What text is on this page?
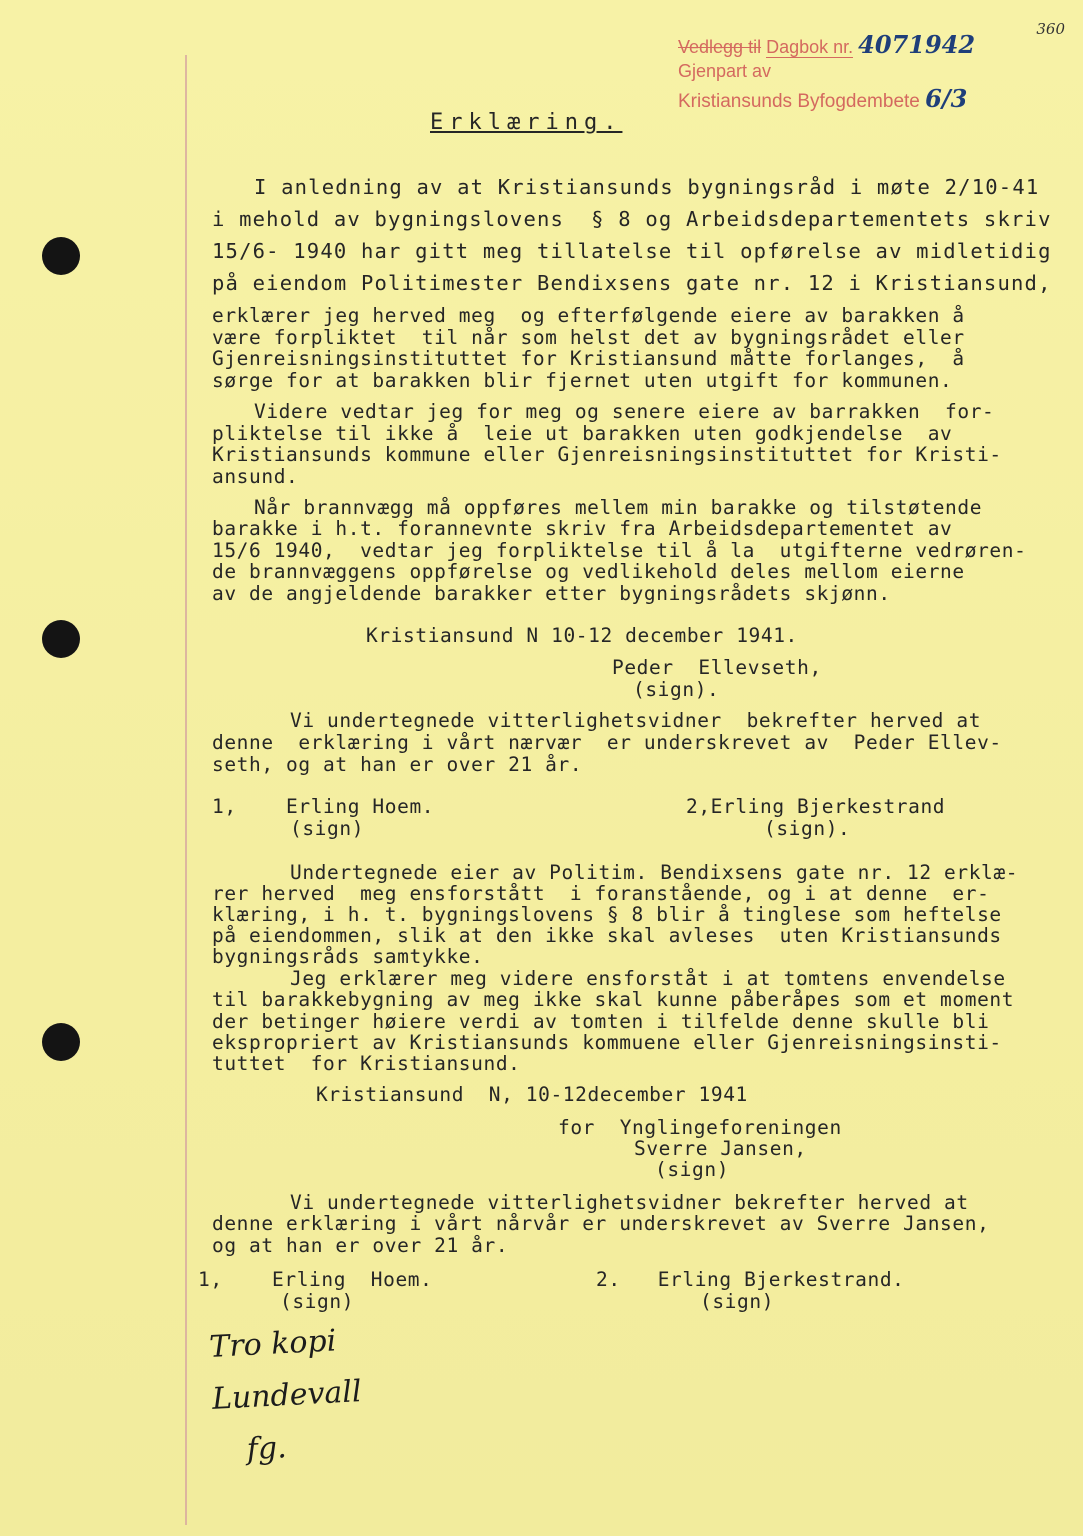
360
Vedlegg til Dagbok nr. 4071942
Gjenpart av
Kristiansunds Byfogdembete 6/3
Erklæring.
I anledning av at Kristiansunds bygningsråd i møte 2/10-41
i mehold av bygningslovens  § 8 og Arbeidsdepartementets skriv
15/6- 1940 har gitt meg tillatelse til opførelse av midletidig
på eiendom Politimester Bendixsens gate nr. 12 i Kristiansund,
erklærer jeg herved meg  og efterfølgende eiere av barakken å
være forpliktet  til når som helst det av bygningsrådet eller
Gjenreisningsinstituttet for Kristiansund måtte forlanges,  å
sørge for at barakken blir fjernet uten utgift for kommunen.
Videre vedtar jeg for meg og senere eiere av barrakken  for-
pliktelse til ikke å  leie ut barakken uten godkjendelse  av
Kristiansunds kommune eller Gjenreisningsinstituttet for Kristi-
ansund.
Når brannvægg må oppføres mellem min barakke og tilstøtende
barakke i h.t. forannevnte skriv fra Arbeidsdepartementet av
15/6 1940,  vedtar jeg forpliktelse til å la  utgifterne vedrøren-
de brannvæggens oppførelse og vedlikehold deles mellom eierne
av de angjeldende barakker etter bygningsrådets skjønn.
Kristiansund N 10-12 december 1941.
Peder  Ellevseth,
(sign).
Vi undertegnede vitterlighetsvidner  bekrefter herved at
denne  erklæring i vårt nærvær  er underskrevet av  Peder Ellev-
seth, og at han er over 21 år.
1,    Erling Hoem.	2,Erling Bjerkestrand
(sign)	(sign).
Undertegnede eier av Politim. Bendixsens gate nr. 12 erklæ-
rer herved  meg ensforstått  i foranstående, og i at denne  er-
klæring, i h. t. bygningslovens § 8 blir å tinglese som heftelse
på eiendommen, slik at den ikke skal avleses  uten Kristiansunds
bygningsråds samtykke.
Jeg erklærer meg videre ensforståt i at tomtens envendelse
til barakkebygning av meg ikke skal kunne påberåpes som et moment
der betinger høiere verdi av tomten i tilfelde denne skulle bli
ekspropriert av Kristiansunds kommuene eller Gjenreisningsinsti-
tuttet  for Kristiansund.
Kristiansund  N, 10-12december 1941
for  Ynglingeforeningen
Sverre Jansen,
(sign)
Vi undertegnede vitterlighetsvidner bekrefter herved at
denne erklæring i vårt nårvår er underskrevet av Sverre Jansen,
og at han er over 21 år.
1,    Erling  Hoem.	2.   Erling Bjerkestrand.
(sign)	(sign)
Tro kopi
Lundevall
fg.
